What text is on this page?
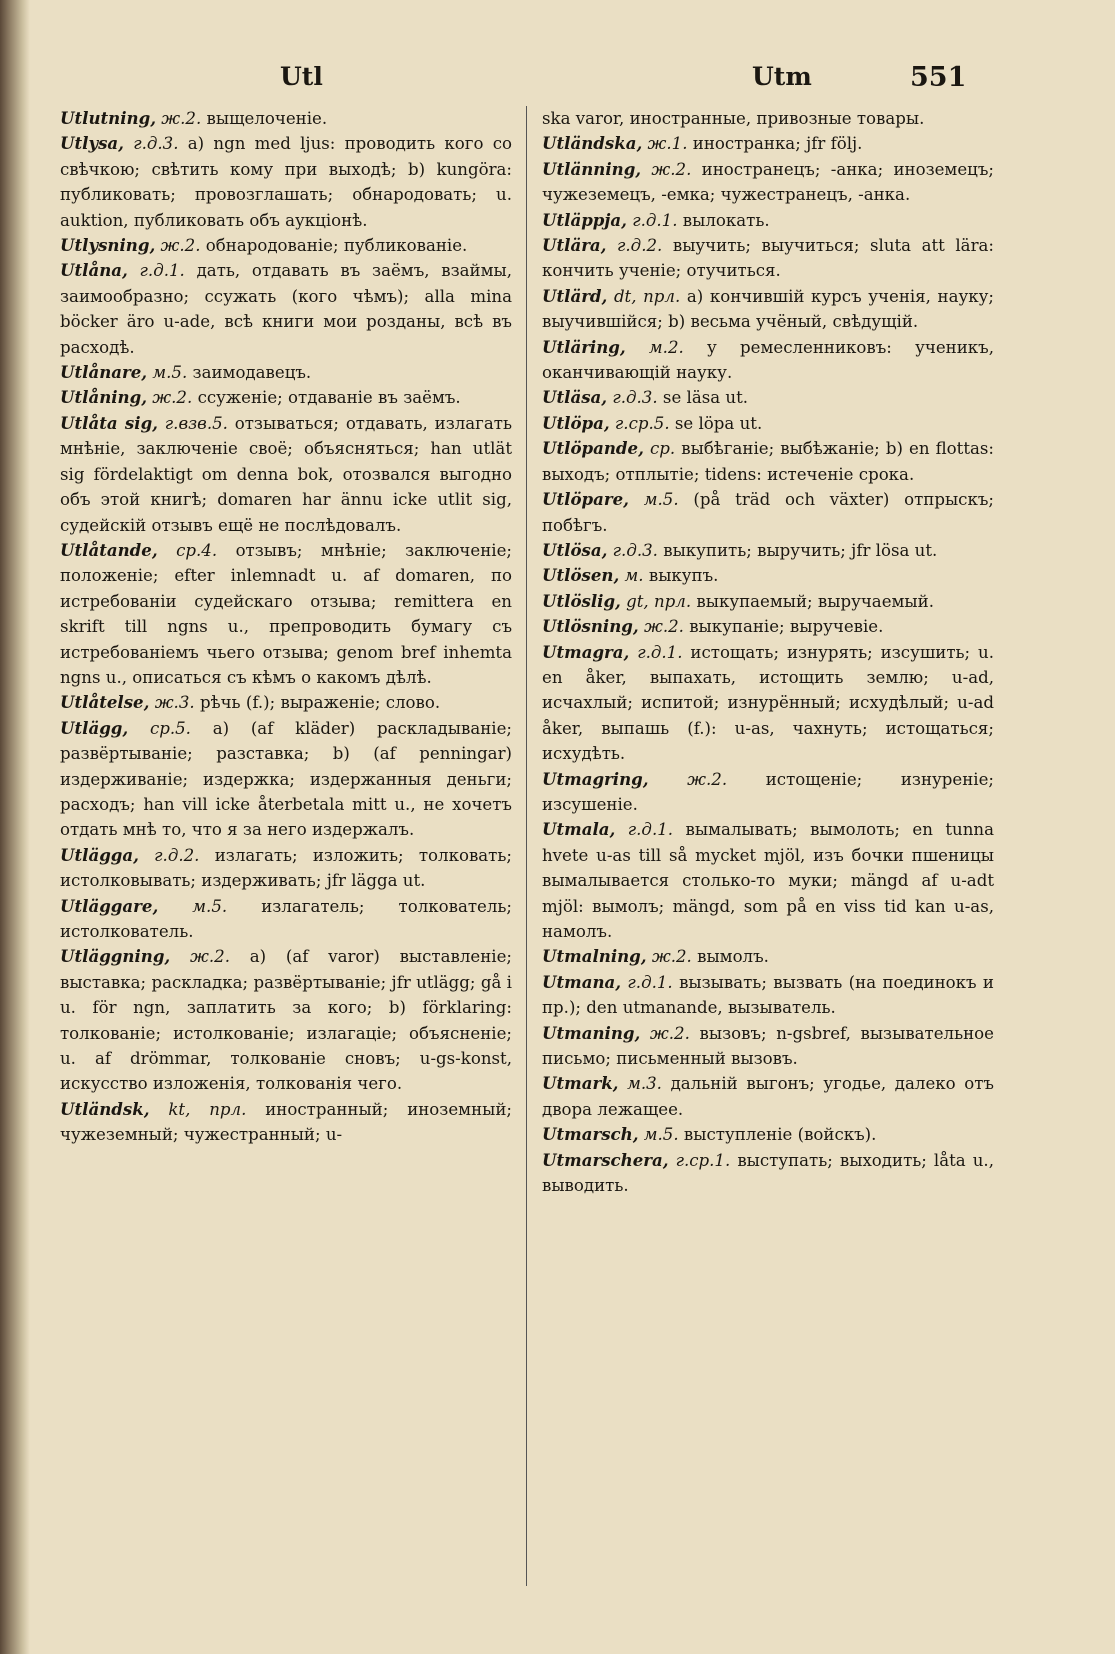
Utl	Utm	551
Utlutning, ж.2. выщелоченіе.
Utlysa, г.д.3. a) ngn med ljus: проводить кого со свѣчкою; свѣтить кому при выходѣ; b) kungöra: публиковать; провозглашать; обнародовать; u. auktion, публиковать объ аукціонѣ.
Utlysning, ж.2. обнародованіе; публикованіе.
Utlåna, г.д.1. дать, отдавать въ заёмъ, взаймы, заимообразно; ссужать (кого чѣмъ); alla mina böcker äro u-ade, всѣ книги мои розданы, всѣ въ расходѣ.
Utlånare, м.5. заимодавецъ.
Utlåning, ж.2. ссуженіе; отдаваніе въ заёмъ.
Utlåta sig, г.взв.5. отзываться; отдавать, излагать мнѣніе, заключеніе своё; объясняться; han utlät sig fördelaktigt om denna bok, отозвался выгодно объ этой книгѣ; domaren har ännu icke utlit sig, судейскій отзывъ ещё не послѣдовалъ.
Utlåtande, ср.4. отзывъ; мнѣніе; заключеніе; положеніе; efter inlemnadt u. af domaren, по истребованіи судейскаго отзыва; remittera en skrift till ngns u., препроводить бумагу съ истребованіемъ чьего отзыва; genom bref inhemta ngns u., описаться съ кѣмъ о какомъ дѣлѣ.
Utlåtelse, ж.3. рѣчь (f.); выраженіе; слово.
Utlägg, ср.5. a) (af kläder) раскладываніе; развёртываніе; разставка; b) (af penningar) издерживаніе; издержка; издержанныя деньги; расходъ; han vill icke återbetala mitt u., не хочетъ отдать мнѣ то, что я за него издержалъ.
Utlägga, г.д.2. излагать; изложить; толковать; истолковывать; издерживать; jfr lägga ut.
Utläggare, м.5. излагатель; толкователь; истолкователь.
Utläggning, ж.2. a) (af varor) выставленіе; выставка; раскладка; развёртываніе; jfr utlägg; gå i u. för ngn, заплатить за кого; b) förklaring: толкованіе; истолкованіе; излагаціе; объясненіе; u. af drömmar, толкованіе сновъ; u-gs-konst, искусство изложенія, толкованія чего.
Utländsk, kt, прл. иностранный; иноземный; чужеземный; чужестранный; u-
ska varor, иностранные, привозные товары.
Utländska, ж.1. иностранка; jfr följ.
Utlänning, ж.2. иностранецъ; -анка; иноземецъ; чужеземецъ, -емка; чужестранецъ, -анка.
Utläppja, г.д.1. вылокать.
Utlära, г.д.2. выучить; выучиться; sluta att lära: кончить ученіе; отучиться.
Utlärd, dt, прл. a) кончившій курсъ ученія, науку; выучившійся; b) весьма учёный, свѣдущій.
Utläring, м.2. у ремесленниковъ: ученикъ, оканчивающій науку.
Utläsa, г.д.3. se läsa ut.
Utlöpa, г.ср.5. se löpa ut.
Utlöpande, ср. выбѣганіе; выбѣжаніе; b) en flottas: выходъ; отплытіе; tidens: истеченіе срока.
Utlöpare, м.5. (på träd och växter) отпрыскъ; побѣгъ.
Utlösa, г.д.3. выкупить; выручить; jfr lösa ut.
Utlösen, м. выкупъ.
Utlöslig, gt, прл. выкупаемый; выручаемый.
Utlösning, ж.2. выкупаніе; выручевіе.
Utmagra, г.д.1. истощать; изнурять; изсушить; u. en åker, выпахать, истощить землю; u-ad, исчахлый; испитой; изнурённый; исхудѣлый; u-ad åker, выпашь (f.): u-as, чахнуть; истощаться; исхудѣть.
Utmagring, ж.2. истощеніе; изнуреніе; изсушеніе.
Utmala, г.д.1. вымалывать; вымолоть; en tunna hvete u-as till så mycket mjöl, изъ бочки пшеницы вымалывается столько-то муки; mängd af u-adt mjöl: вымолъ; mängd, som på en viss tid kan u-as, намолъ.
Utmalning, ж.2. вымолъ.
Utmana, г.д.1. вызывать; вызвать (на поединокъ и пр.); den utmanande, вызыватель.
Utmaning, ж.2. вызовъ; n-gsbref, вызывательное письмо; письменный вызовъ.
Utmark, м.3. дальній выгонъ; угодье, далеко отъ двора лежащее.
Utmarsch, м.5. выступленіе (войскъ).
Utmarschera, г.ср.1. выступать; выходить; låta u., выводить.
